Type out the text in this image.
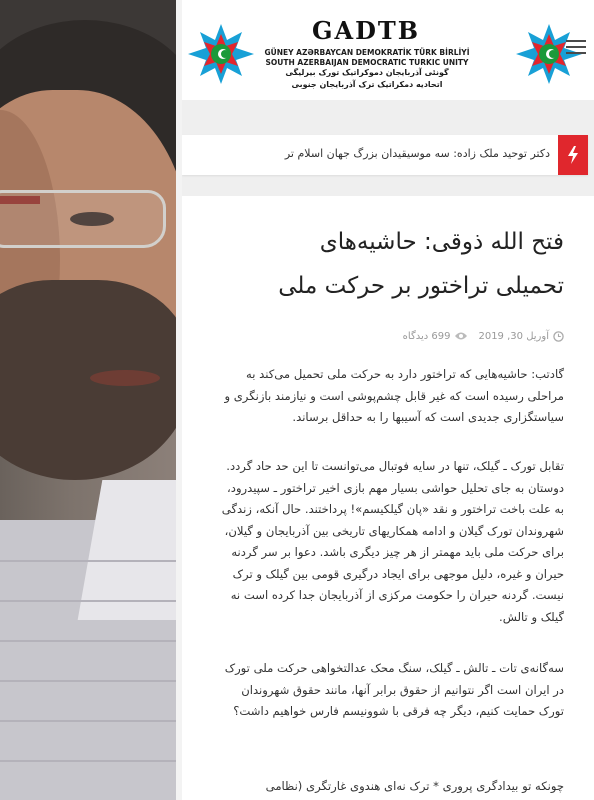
GADTB
GÜNEY AZƏRBAYCAN DEMOKRATİK TÜRK BİRLİYİ
SOUTH AZERBAIJAN DEMOCRATIC TURKIC UNITY
گونئی آذربایجان دموکراتیک تورک بیرلیگی
اتحادیه دمکراتیک ترک آذربایجان جنوبی
دکتر توحید ملک زاده: سه موسیقیدان بزرگ جهان اسلام تر
فتح الله ذوقی: حاشیه‌های
تحمیلی تراختور بر حرکت ملی
آوریل 30, 2019
699 دیدگاه
گادتب: حاشیه‌هایی که تراختور دارد به حرکت ملی تحمیل می‌کند به مراحلی رسیده است که غیر قابل چشم‌پوشی است و نیازمند بازنگری و سیاستگزاری جدیدی است که آسیبها را به حداقل برساند.
تقابل تورک ـ گیلک، تنها در سایه فوتبال می‌توانست تا این حد حاد گردد. دوستان به جای تحلیل حواشی بسیار مهم بازی اخیر تراختور ـ سپیدرود، به علت باخت تراختور و نقد «پان گیلکیسم»! پرداختند. حال آنکه، زندگی شهروندان تورک گیلان و ادامه همکاریهای تاریخی بین آذربایجان و گیلان، برای حرکت ملی باید مهمتر از هر چیز دیگری باشد. دعوا بر سر گردنه حیران و غیره، دلیل موجهی برای ایجاد درگیری قومی بین گیلک و ترک نیست. گردنه حیران را حکومت مرکزی از آذربایجان جدا کرده است نه گیلک و تالش.
سه‌گانه‌ی تات ـ تالش ـ گیلک، سنگ محک عدالتخواهی حرکت ملی تورک در ایران است اگر نتوانیم از حقوق برابر آنها، مانند حقوق شهروندان تورک حمایت کنیم، دیگر چه فرقی با شوونیسم فارس خواهیم داشت؟
چونکه تو بیدادگری پروری * ترک نه‌ای هندوی غارتگری (نظامی
